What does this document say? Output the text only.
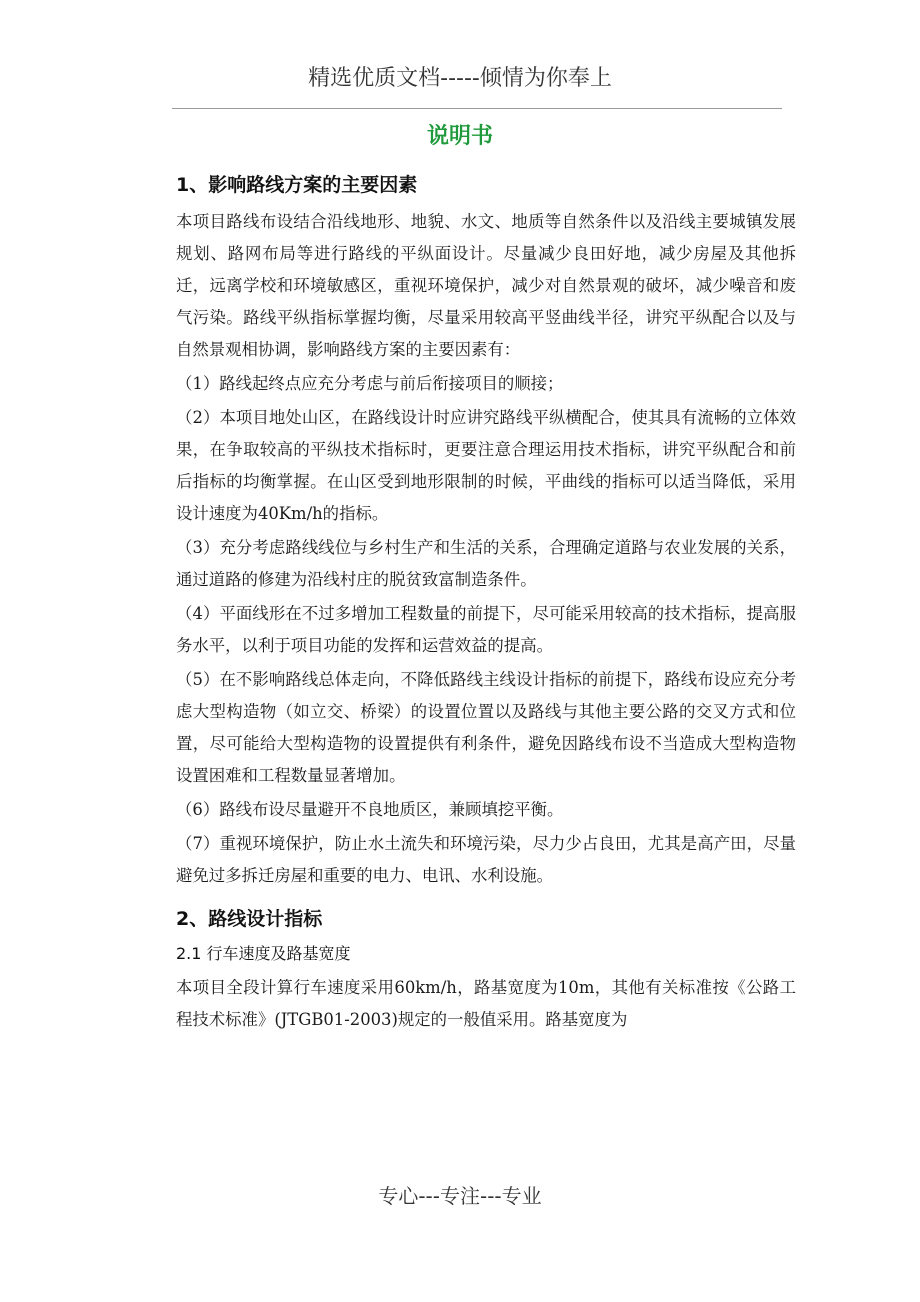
精选优质文档-----倾情为你奉上
说明书
1、影响路线方案的主要因素

本项目路线布设结合沿线地形、地貌、水文、地质等自然条件以及沿线主要城镇发展规划、路网布局等进行路线的平纵面设计。尽量减少良田好地，减少房屋及其他拆迁，远离学校和环境敏感区，重视环境保护，减少对自然景观的破坏，减少噪音和废气污染。路线平纵指标掌握均衡，尽量采用较高平竖曲线半径，讲究平纵配合以及与自然景观相协调，影响路线方案的主要因素有：

（1）路线起终点应充分考虑与前后衔接项目的顺接；

（2）本项目地处山区，在路线设计时应讲究路线平纵横配合，使其具有流畅的立体效果，在争取较高的平纵技术指标时，更要注意合理运用技术指标，讲究平纵配合和前后指标的均衡掌握。在山区受到地形限制的时候，平曲线的指标可以适当降低，采用设计速度为40Km/h的指标。

（3）充分考虑路线线位与乡村生产和生活的关系，合理确定道路与农业发展的关系，通过道路的修建为沿线村庄的脱贫致富制造条件。

（4）平面线形在不过多增加工程数量的前提下，尽可能采用较高的技术指标，提高服务水平，以利于项目功能的发挥和运营效益的提高。

（5）在不影响路线总体走向，不降低路线主线设计指标的前提下，路线布设应充分考虑大型构造物（如立交、桥梁）的设置位置以及路线与其他主要公路的交叉方式和位置，尽可能给大型构造物的设置提供有利条件，避免因路线布设不当造成大型构造物设置困难和工程数量显著增加。

（6）路线布设尽量避开不良地质区，兼顾填挖平衡。

（7）重视环境保护，防止水土流失和环境污染，尽力少占良田，尤其是高产田，尽量避免过多拆迁房屋和重要的电力、电讯、水利设施。

2、路线设计指标
2.1 行车速度及路基宽度

本项目全段计算行车速度采用60km/h，路基宽度为10m，其他有关标准按《公路工程技术标准》(JTGB01-2003)规定的一般值采用。路基宽度为

专心---专注---专业
